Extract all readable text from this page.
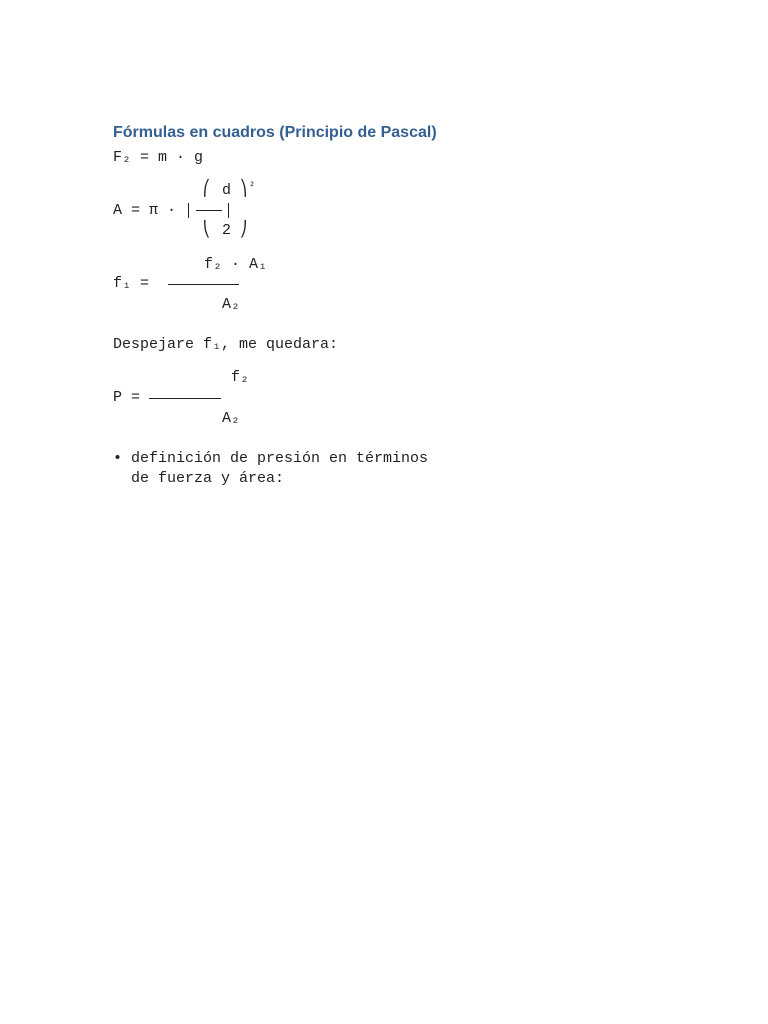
Fórmulas en cuadros (Principio de Pascal)
F₂ = m · g
A = π ·
⎛ d ⎞ ²
⎝ 2 ⎠
f₂ · A₁
f₁ =
A₂
Despejare f₁, me quedara:
f₂
P =
A₂
• definición de presión en términos
de fuerza y área:
